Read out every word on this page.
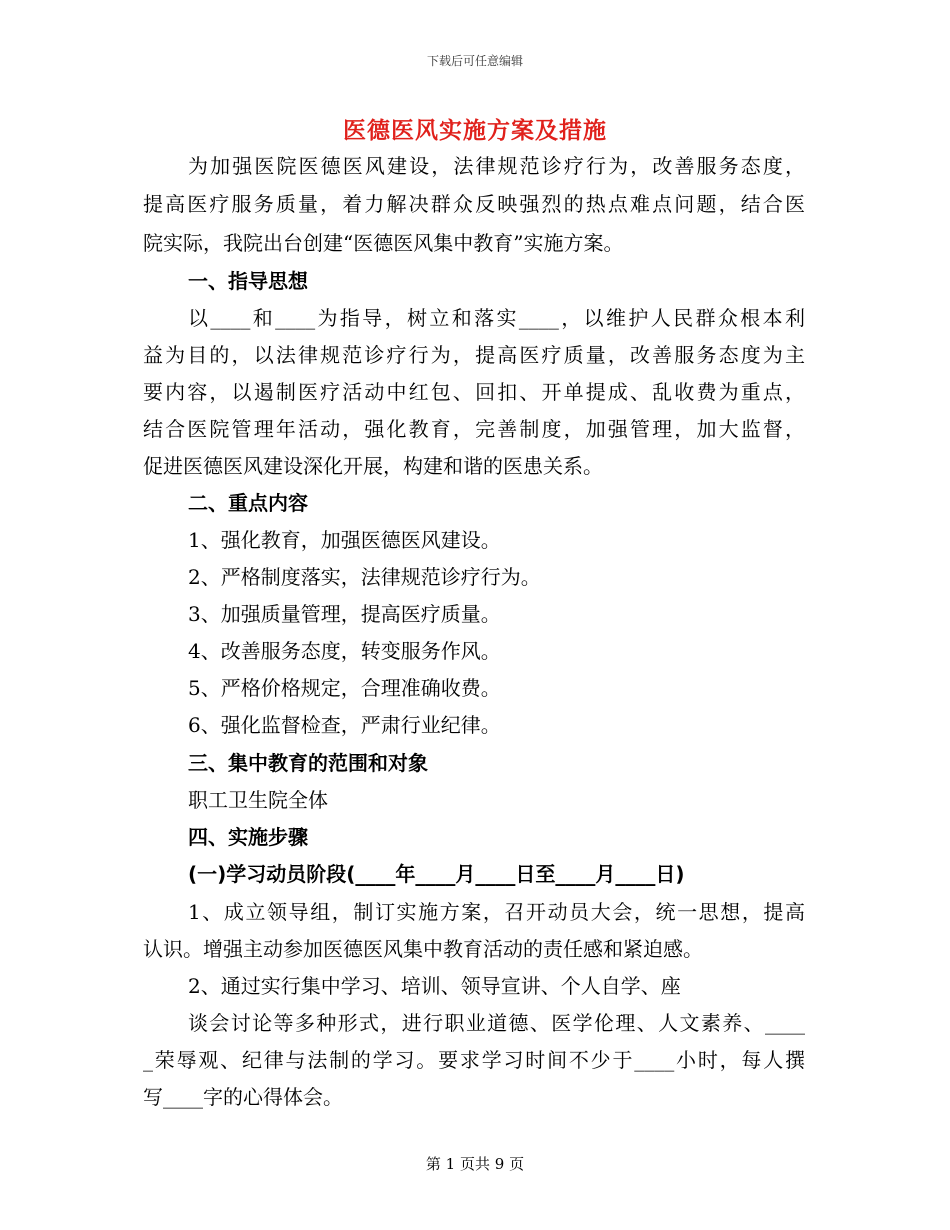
下载后可任意编辑
医德医风实施方案及措施
为加强医院医德医风建设，法律规范诊疗行为，改善服务态度，
提高医疗服务质量，着力解决群众反映强烈的热点难点问题，结合医
院实际，我院出台创建“医德医风集中教育”实施方案。
一、指导思想
以____和____为指导，树立和落实____，以维护人民群众根本利
益为目的，以法律规范诊疗行为，提高医疗质量，改善服务态度为主
要内容，以遏制医疗活动中红包、回扣、开单提成、乱收费为重点，
结合医院管理年活动，强化教育，完善制度，加强管理，加大监督，
促进医德医风建设深化开展，构建和谐的医患关系。
二、重点内容
1、强化教育，加强医德医风建设。
2、严格制度落实，法律规范诊疗行为。
3、加强质量管理，提高医疗质量。
4、改善服务态度，转变服务作风。
5、严格价格规定，合理准确收费。
6、强化监督检查，严肃行业纪律。
三、集中教育的范围和对象
职工卫生院全体
四、实施步骤
(一)学习动员阶段(____年____月____日至____月____日)
1、成立领导组，制订实施方案，召开动员大会，统一思想，提高
认识。增强主动参加医德医风集中教育活动的责任感和紧迫感。
2、通过实行集中学习、培训、领导宣讲、个人自学、座
谈会讨论等多种形式，进行职业道德、医学伦理、人文素养、____
_荣辱观、纪律与法制的学习。要求学习时间不少于____小时，每人撰
写____字的心得体会。
第 1 页共 9 页
